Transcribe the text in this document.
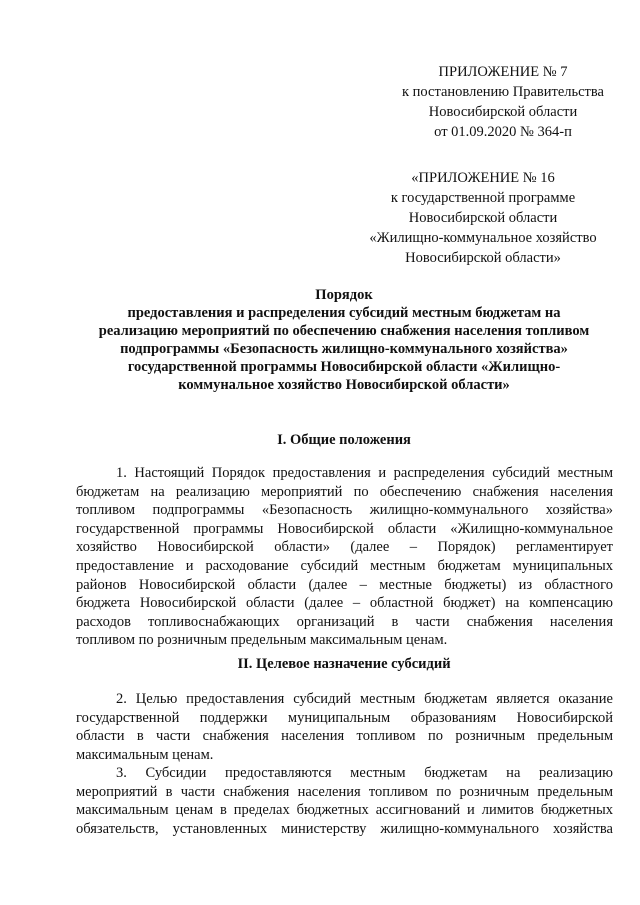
ПРИЛОЖЕНИЕ № 7
к постановлению Правительства
Новосибирской области
от 01.09.2020 № 364-п
«ПРИЛОЖЕНИЕ № 16
к государственной программе
Новосибирской области
«Жилищно-коммунальное хозяйство
Новосибирской области»
Порядок
предоставления и распределения субсидий местным бюджетам на
реализацию мероприятий по обеспечению снабжения населения топливом
подпрограммы «Безопасность жилищно-коммунального хозяйства»
государственной программы Новосибирской области «Жилищно-
коммунальное хозяйство Новосибирской области»
I. Общие положения
1. Настоящий Порядок предоставления и распределения субсидий местным
бюджетам на реализацию мероприятий по обеспечению снабжения населения
топливом подпрограммы «Безопасность жилищно-коммунального хозяйства»
государственной программы Новосибирской области «Жилищно-коммунальное
хозяйство Новосибирской области» (далее – Порядок) регламентирует
предоставление и расходование субсидий местным бюджетам муниципальных
районов Новосибирской области (далее – местные бюджеты) из областного
бюджета Новосибирской области (далее – областной бюджет) на компенсацию
расходов топливоснабжающих организаций в части снабжения населения
топливом по розничным предельным максимальным ценам.
II. Целевое назначение субсидий
2. Целью предоставления субсидий местным бюджетам является оказание
государственной поддержки муниципальным образованиям Новосибирской
области в части снабжения населения топливом по розничным предельным
максимальным ценам.
3. Субсидии предоставляются местным бюджетам на реализацию
мероприятий в части снабжения населения топливом по розничным предельным
максимальным ценам в пределах бюджетных ассигнований и лимитов бюджетных
обязательств, установленных министерству жилищно-коммунального хозяйства
